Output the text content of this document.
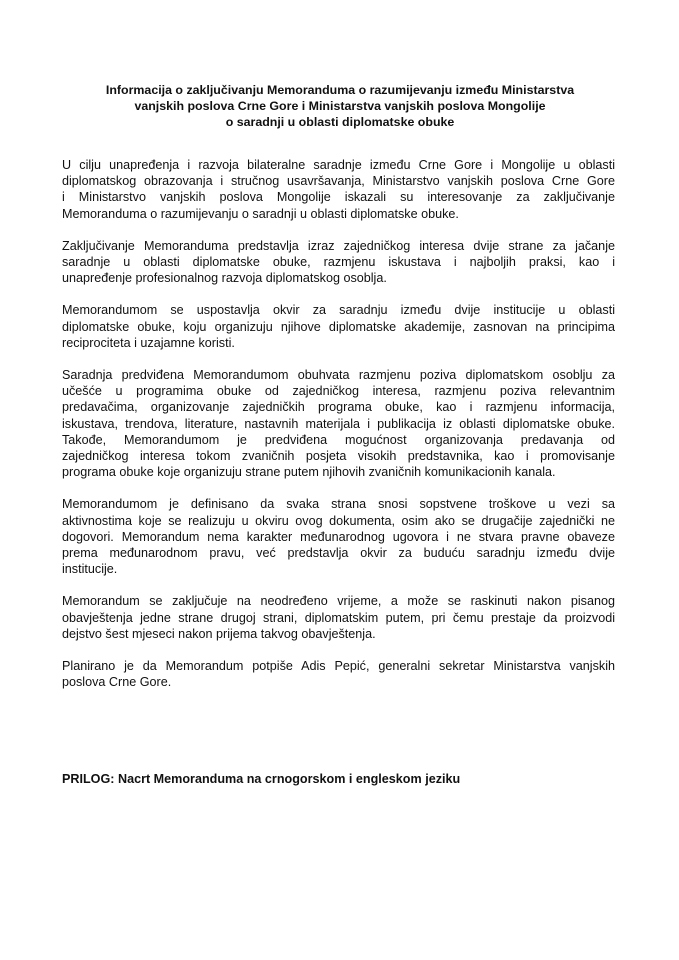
Informacija o zaključivanju Memoranduma o razumijevanju između Ministarstva
vanjskih poslova Crne Gore i Ministarstva vanjskih poslova Mongolije
o saradnji u oblasti diplomatske obuke

U cilju unapređenja i razvoja bilateralne saradnje između Crne Gore i Mongolije u oblasti
diplomatskog obrazovanja i stručnog usavršavanja, Ministarstvo vanjskih poslova Crne Gore
i Ministarstvo vanjskih poslova Mongolije iskazali su interesovanje za zaključivanje
Memoranduma o razumijevanju o saradnji u oblasti diplomatske obuke.

Zaključivanje Memoranduma predstavlja izraz zajedničkog interesa dvije strane za jačanje
saradnje u oblasti diplomatske obuke, razmjenu iskustava i najboljih praksi, kao i
unapređenje profesionalnog razvoja diplomatskog osoblja.

Memorandumom se uspostavlja okvir za saradnju između dvije institucije u oblasti
diplomatske obuke, koju organizuju njihove diplomatske akademije, zasnovan na principima
reciprociteta i uzajamne koristi.

Saradnja predviđena Memorandumom obuhvata razmjenu poziva diplomatskom osoblju za
učešće u programima obuke od zajedničkog interesa, razmjenu poziva relevantnim
predavačima, organizovanje zajedničkih programa obuke, kao i razmjenu informacija,
iskustava, trendova, literature, nastavnih materijala i publikacija iz oblasti diplomatske obuke.
Takođe, Memorandumom je predviđena mogućnost organizovanja predavanja od
zajedničkog interesa tokom zvaničnih posjeta visokih predstavnika, kao i promovisanje
programa obuke koje organizuju strane putem njihovih zvaničnih komunikacionih kanala.

Memorandumom je definisano da svaka strana snosi sopstvene troškove u vezi sa
aktivnostima koje se realizuju u okviru ovog dokumenta, osim ako se drugačije zajednički ne
dogovori. Memorandum nema karakter međunarodnog ugovora i ne stvara pravne obaveze
prema međunarodnom pravu, već predstavlja okvir za buduću saradnju između dvije
institucije.

Memorandum se zaključuje na neodređeno vrijeme, a može se raskinuti nakon pisanog
obavještenja jedne strane drugoj strani, diplomatskim putem, pri čemu prestaje da proizvodi
dejstvo šest mjeseci nakon prijema takvog obavještenja.

Planirano je da Memorandum potpiše Adis Pepić, generalni sekretar Ministarstva vanjskih
poslova Crne Gore.

PRILOG: Nacrt Memoranduma na crnogorskom i engleskom jeziku
